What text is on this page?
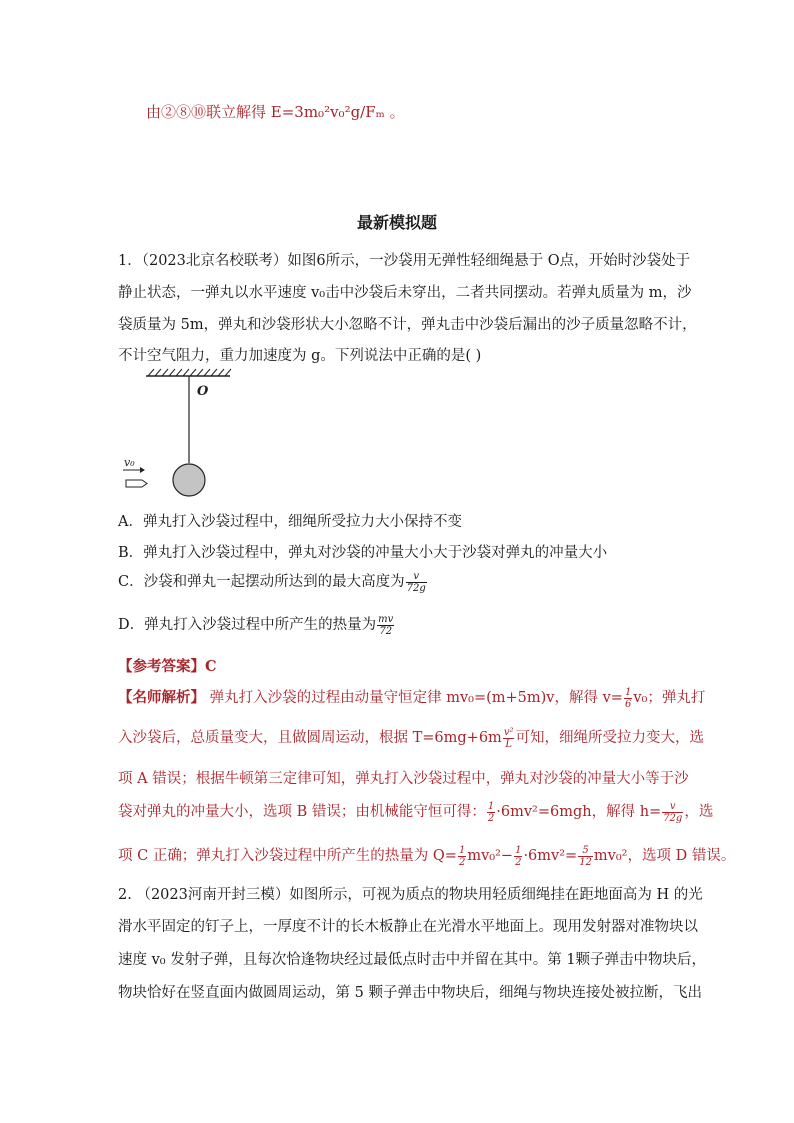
由②⑧⑩联立解得 E=3m₀²v₀²g/Fₘ 。
最新模拟题
1．（2023北京名校联考）如图6所示，一沙袋用无弹性轻细绳悬于 O点，开始时沙袋处于
静止状态，一弹丸以水平速度 v₀击中沙袋后未穿出，二者共同摆动。若弹丸质量为 m，沙
袋质量为 5m，弹丸和沙袋形状大小忽略不计，弹丸击中沙袋后漏出的沙子质量忽略不计，
不计空气阻力，重力加速度为 g。下列说法中正确的是( )
O
v₀
A．弹丸打入沙袋过程中，细绳所受拉力大小保持不变
B．弹丸打入沙袋过程中，弹丸对沙袋的冲量大小大于沙袋对弹丸的冲量大小
C．沙袋和弹丸一起摆动所达到的最大高度为 $\frac{v}{72g}$
D．弹丸打入沙袋过程中所产生的热量为 $\frac{mv}{72}$
【参考答案】C
【名师解析】 弹丸打入沙袋的过程由动量守恒定律 mv₀=(m+5m)v，解得 $v= \frac{1}{6} v_0$；弹丸打
入沙袋后，总质量变大，且做圆周运动，根据 $T=6mg+6m \frac{\text{v²}}{L}$ 可知，细绳所受拉力变大，选
项 A 错误；根据牛顿第三定律可知，弹丸打入沙袋过程中，弹丸对沙袋的冲量大小等于沙
袋对弹丸的冲量大小，选项 B 错误；由机械能守恒可得： $\frac{1}{2} \cdot 6mv^2=6mgh$，解得 $h= \frac{v}{72g}$ ，选
项 C 正确；弹丸打入沙袋过程中所产生的热量为 $Q= \frac{1}{2} mv_0^2- \frac{1}{2} \cdot 6mv^2= \frac{5}{12} mv_0^2$，选项 D 错误。
2. （2023河南开封三模）如图所示，可视为质点的物块用轻质细绳挂在距地面高为 H 的光
滑水平固定的钉子上，一厚度不计的长木板静止在光滑水平地面上。现用发射器对准物块以
速度 v₀ 发射子弹，且每次恰逢物块经过最低点时击中并留在其中。第 1颗子弹击中物块后，
物块恰好在竖直面内做圆周运动，第 5 颗子弹击中物块后，细绳与物块连接处被拉断，飞出
